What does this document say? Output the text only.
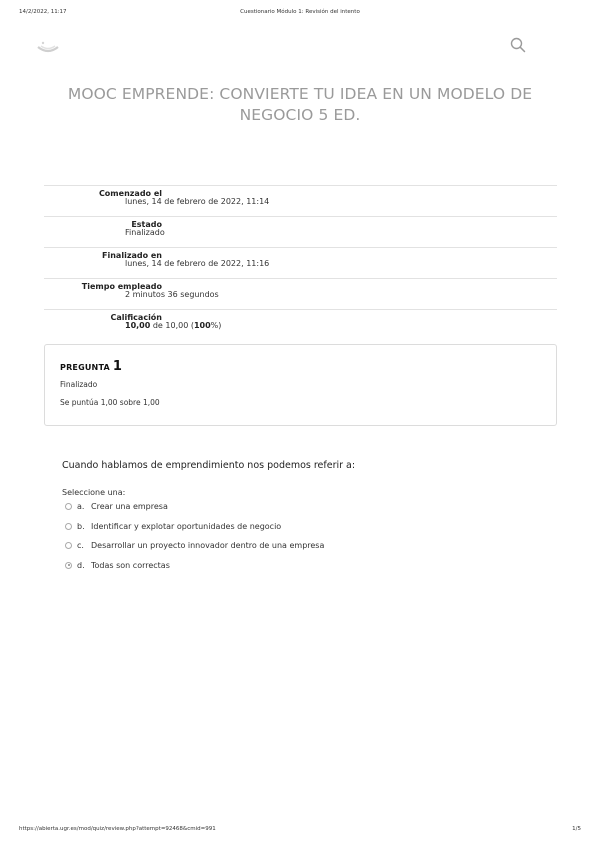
14/2/2022, 11:17	Cuestionario Módulo 1: Revisión del intento
MOOC EMPRENDE: CONVIERTE TU IDEA EN UN MODELO DE NEGOCIO 5 ED.
Comenzado el
lunes, 14 de febrero de 2022, 11:14
Estado
Finalizado
Finalizado en
lunes, 14 de febrero de 2022, 11:16
Tiempo empleado
2 minutos 36 segundos
Calificación
10,00 de 10,00 (100%)
PREGUNTA 1
Finalizado
Se puntúa 1,00 sobre 1,00
Cuando hablamos de emprendimiento nos podemos referir a:
Seleccione una:
a. Crear una empresa
b. Identificar y explotar oportunidades de negocio
c. Desarrollar un proyecto innovador dentro de una empresa
d. Todas son correctas
https://abierta.ugr.es/mod/quiz/review.php?attempt=92468&cmid=991	1/5
